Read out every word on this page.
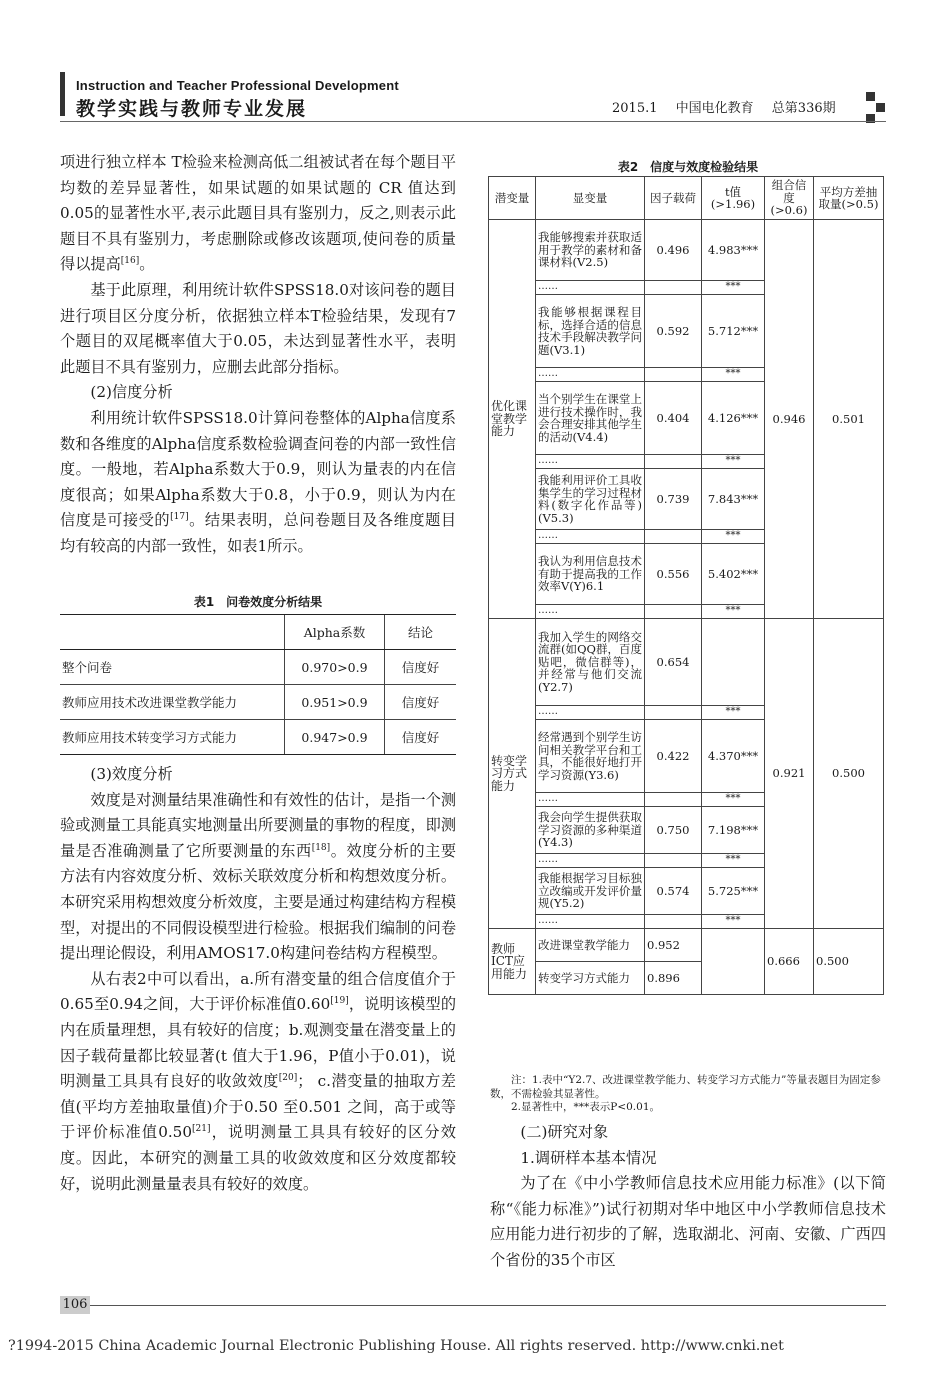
Instruction and Teacher Professional Development
教学实践与教师专业发展	2015.1 中国电化教育 总第336期

项进行独立样本 T检验来检测高低二组被试者在每个题目平均数的差异显著性，如果试题的如果试题的 CR 值达到0.05的显著性水平,表示此题目具有鉴别力，反之,则表示此题目不具有鉴别力，考虑删除或修改该题项,使问卷的质量得以提高[16]。

基于此原理，利用统计软件SPSS18.0对该问卷的题目进行项目区分度分析，依据独立样本T检验结果，发现有7个题目的双尾概率值大于0.05，未达到显著性水平，表明此题目不具有鉴别力，应删去此部分指标。

(2)信度分析

利用统计软件SPSS18.0计算问卷整体的Alpha信度系数和各维度的Alpha信度系数检验调查问卷的内部一致性信度。一般地，若Alpha系数大于0.9，则认为量表的内在信度很高；如果Alpha系数大于0.8，小于0.9，则认为内在信度是可接受的[17]。结果表明，总问卷题目及各维度题目均有较高的内部一致性，如表1所示。

表1　问卷效度分析结果
	Alpha系数	结论
整个问卷	0.970>0.9	信度好
教师应用技术改进课堂教学能力	0.951>0.9	信度好
教师应用技术转变学习方式能力	0.947>0.9	信度好

(3)效度分析

效度是对测量结果准确性和有效性的估计，是指一个测验或测量工具能真实地测量出所要测量的事物的程度，即测量是否准确测量了它所要测量的东西[18]。效度分析的主要方法有内容效度分析、效标关联效度分析和构想效度分析。本研究采用构想效度分析效度，主要是通过构建结构方程模型，对提出的不同假设模型进行检验。根据我们编制的问卷提出理论假设，利用AMOS17.0构建问卷结构方程模型。

从右表2中可以看出，a.所有潜变量的组合信度值介于0.65至0.94之间，大于评价标准值0.60[19]，说明该模型的内在质量理想，具有较好的信度；b.观测变量在潜变量上的因子载荷量都比较显著(t 值大于1.96，P值小于0.01)，说明测量工具具有良好的收敛效度[20]； c.潜变量的抽取方差值(平均方差抽取量值)介于0.50 至0.501 之间，高于或等于评价标准值0.50[21]，说明测量工具具有较好的区分效度。因此，本研究的测量工具的收敛效度和区分效度都较好，说明此测量量表具有较好的效度。

表2　信度与效度检验结果
潜变量	显变量	因子载荷	t值(>1.96)	组合信度(>0.6)	平均方差抽取量(>0.5)
优化课堂教学能力	我能够搜索并获取适用于教学的素材和备课材料(V2.5)	0.496	4.983***	0.946	0.501
	……		***		
	我能够根据课程目标，选择合适的信息技术手段解决教学问题(V3.1)	0.592	5.712***		
	……		***		
	当个别学生在课堂上进行技术操作时，我会合理安排其他学生的活动(V4.4)	0.404	4.126***		
	……		***		
	我能利用评价工具收集学生的学习过程材料(数字化作品等)(V5.3)	0.739	7.843***		
	……		***		
	我认为利用信息技术有助于提高我的工作效率V(Y)6.1	0.556	5.402***		
	……		***		
转变学习方式能力	我加入学生的网络交流群(如QQ群，百度贴吧，微信群等)，并经常与他们交流(Y2.7)	0.654		0.921	0.500
	……		***		
	经常遇到个别学生访问相关教学平台和工具，不能很好地打开学习资源(Y3.6)	0.422	4.370***		
	……		***		
	我会向学生提供获取学习资源的多种渠道(Y4.3)	0.750	7.198***		
	……		***		
	我能根据学习目标独立改编或开发评价量规(Y5.2)	0.574	5.725***		
	……		***		
教师ICT应用能力	改进课堂教学能力	0.952		0.666	0.500
	转变学习方式能力	0.896			

注：1.表中“Y2.7、改进课堂教学能力、转变学习方式能力”等量表题目为固定参数，不需检验其显著性。

2.显著性中，***表示P<0.01。

(二)研究对象

1.调研样本基本情况

为了在《中小学教师信息技术应用能力标准》(以下简称“《能力标准》”)试行初期对华中地区中小学教师信息技术应用能力进行初步的了解，选取湖北、河南、安徽、广西四个省份的35个市区

106
?1994-2015 China Academic Journal Electronic Publishing House. All rights reserved. http://www.cnki.net
